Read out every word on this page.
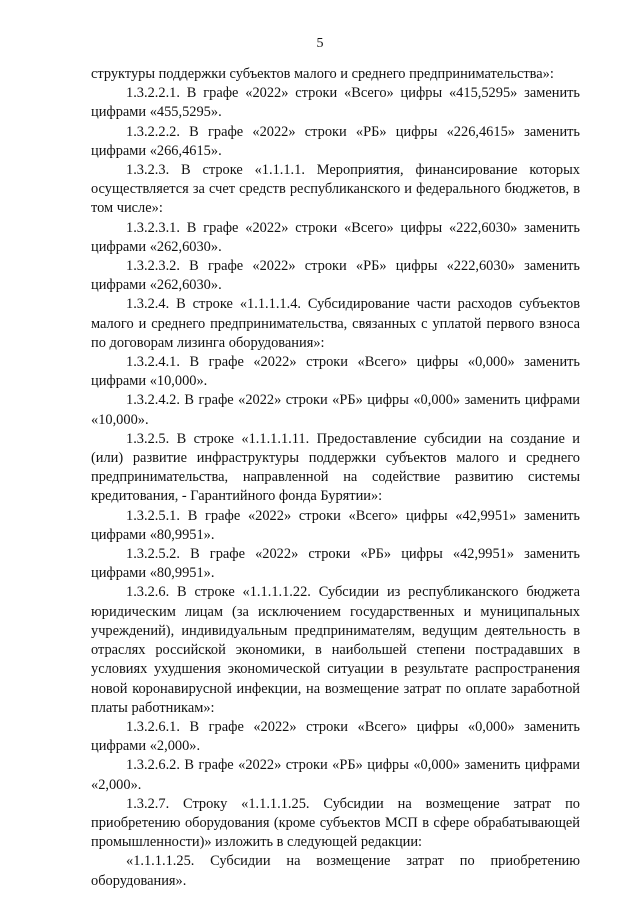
5

структуры поддержки субъектов малого и среднего предпринимательства»:

1.3.2.2.1. В графе «2022» строки «Всего» цифры «415,5295» заменить цифрами «455,5295».

1.3.2.2.2. В графе «2022» строки «РБ» цифры «226,4615» заменить цифрами «266,4615».

1.3.2.3. В строке «1.1.1.1. Мероприятия, финансирование которых осуществляется за счет средств республиканского и федерального бюджетов, в том числе»:

1.3.2.3.1. В графе «2022» строки «Всего» цифры «222,6030» заменить цифрами «262,6030».

1.3.2.3.2. В графе «2022» строки «РБ» цифры «222,6030» заменить цифрами «262,6030».

1.3.2.4. В строке «1.1.1.1.4. Субсидирование части расходов субъектов малого и среднего предпринимательства, связанных с уплатой первого взноса по договорам лизинга оборудования»:

1.3.2.4.1. В графе «2022» строки «Всего» цифры «0,000» заменить цифрами «10,000».

1.3.2.4.2. В графе «2022» строки «РБ» цифры «0,000» заменить цифрами «10,000».

1.3.2.5. В строке «1.1.1.1.11. Предоставление субсидии на создание и (или) развитие инфраструктуры поддержки субъектов малого и среднего предпринимательства, направленной на содействие развитию системы кредитования, - Гарантийного фонда Бурятии»:

1.3.2.5.1. В графе «2022» строки «Всего» цифры «42,9951» заменить цифрами «80,9951».

1.3.2.5.2. В графе «2022» строки «РБ» цифры «42,9951» заменить цифрами «80,9951».

1.3.2.6. В строке «1.1.1.1.22. Субсидии из республиканского бюджета юридическим лицам (за исключением государственных и муниципальных учреждений), индивидуальным предпринимателям, ведущим деятельность в отраслях российской экономики, в наибольшей степени пострадавших в условиях ухудшения экономической ситуации в результате распространения новой коронавирусной инфекции, на возмещение затрат по оплате заработной платы работникам»:

1.3.2.6.1. В графе «2022» строки «Всего» цифры «0,000» заменить цифрами «2,000».

1.3.2.6.2. В графе «2022» строки «РБ» цифры «0,000» заменить цифрами «2,000».

1.3.2.7. Строку «1.1.1.1.25. Субсидии на возмещение затрат по приобретению оборудования (кроме субъектов МСП в сфере обрабатывающей промышленности)» изложить в следующей редакции:

«1.1.1.1.25. Субсидии на возмещение затрат по приобретению оборудования».
